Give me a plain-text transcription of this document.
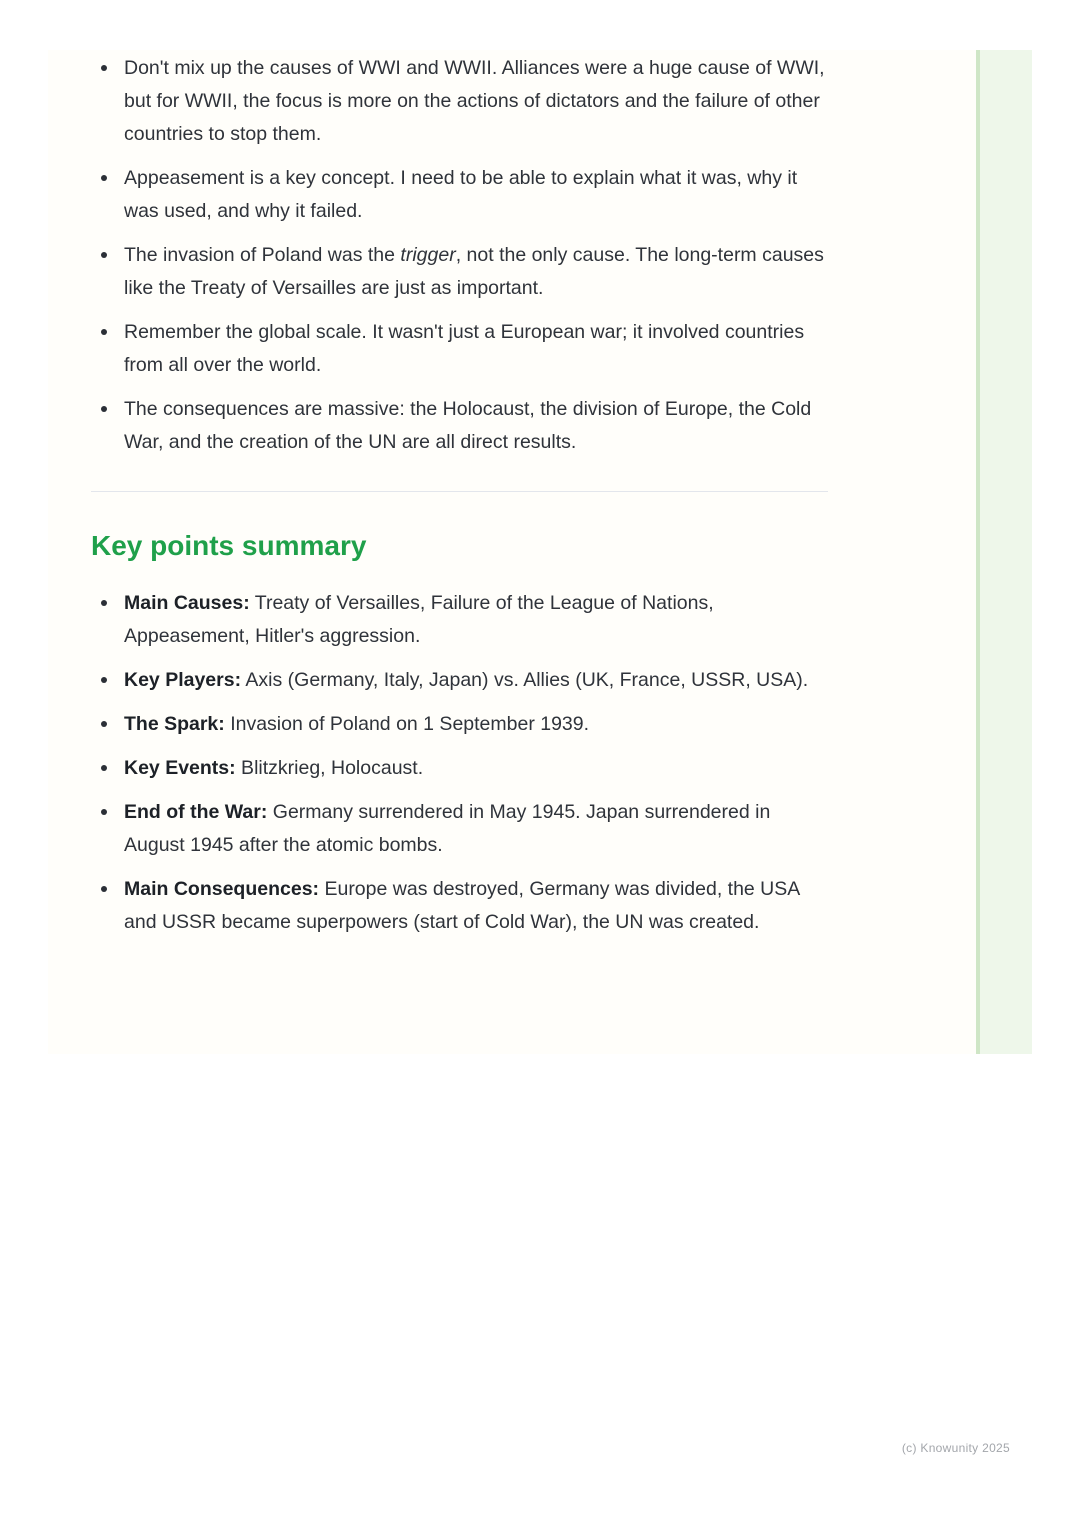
Don't mix up the causes of WWI and WWII. Alliances were a huge cause of WWI, but for WWII, the focus is more on the actions of dictators and the failure of other countries to stop them.
Appeasement is a key concept. I need to be able to explain what it was, why it was used, and why it failed.
The invasion of Poland was the trigger, not the only cause. The long-term causes like the Treaty of Versailles are just as important.
Remember the global scale. It wasn't just a European war; it involved countries from all over the world.
The consequences are massive: the Holocaust, the division of Europe, the Cold War, and the creation of the UN are all direct results.
Key points summary
Main Causes: Treaty of Versailles, Failure of the League of Nations, Appeasement, Hitler's aggression.
Key Players: Axis (Germany, Italy, Japan) vs. Allies (UK, France, USSR, USA).
The Spark: Invasion of Poland on 1 September 1939.
Key Events: Blitzkrieg, Holocaust.
End of the War: Germany surrendered in May 1945. Japan surrendered in August 1945 after the atomic bombs.
Main Consequences: Europe was destroyed, Germany was divided, the USA and USSR became superpowers (start of Cold War), the UN was created.
(c) Knowunity 2025
